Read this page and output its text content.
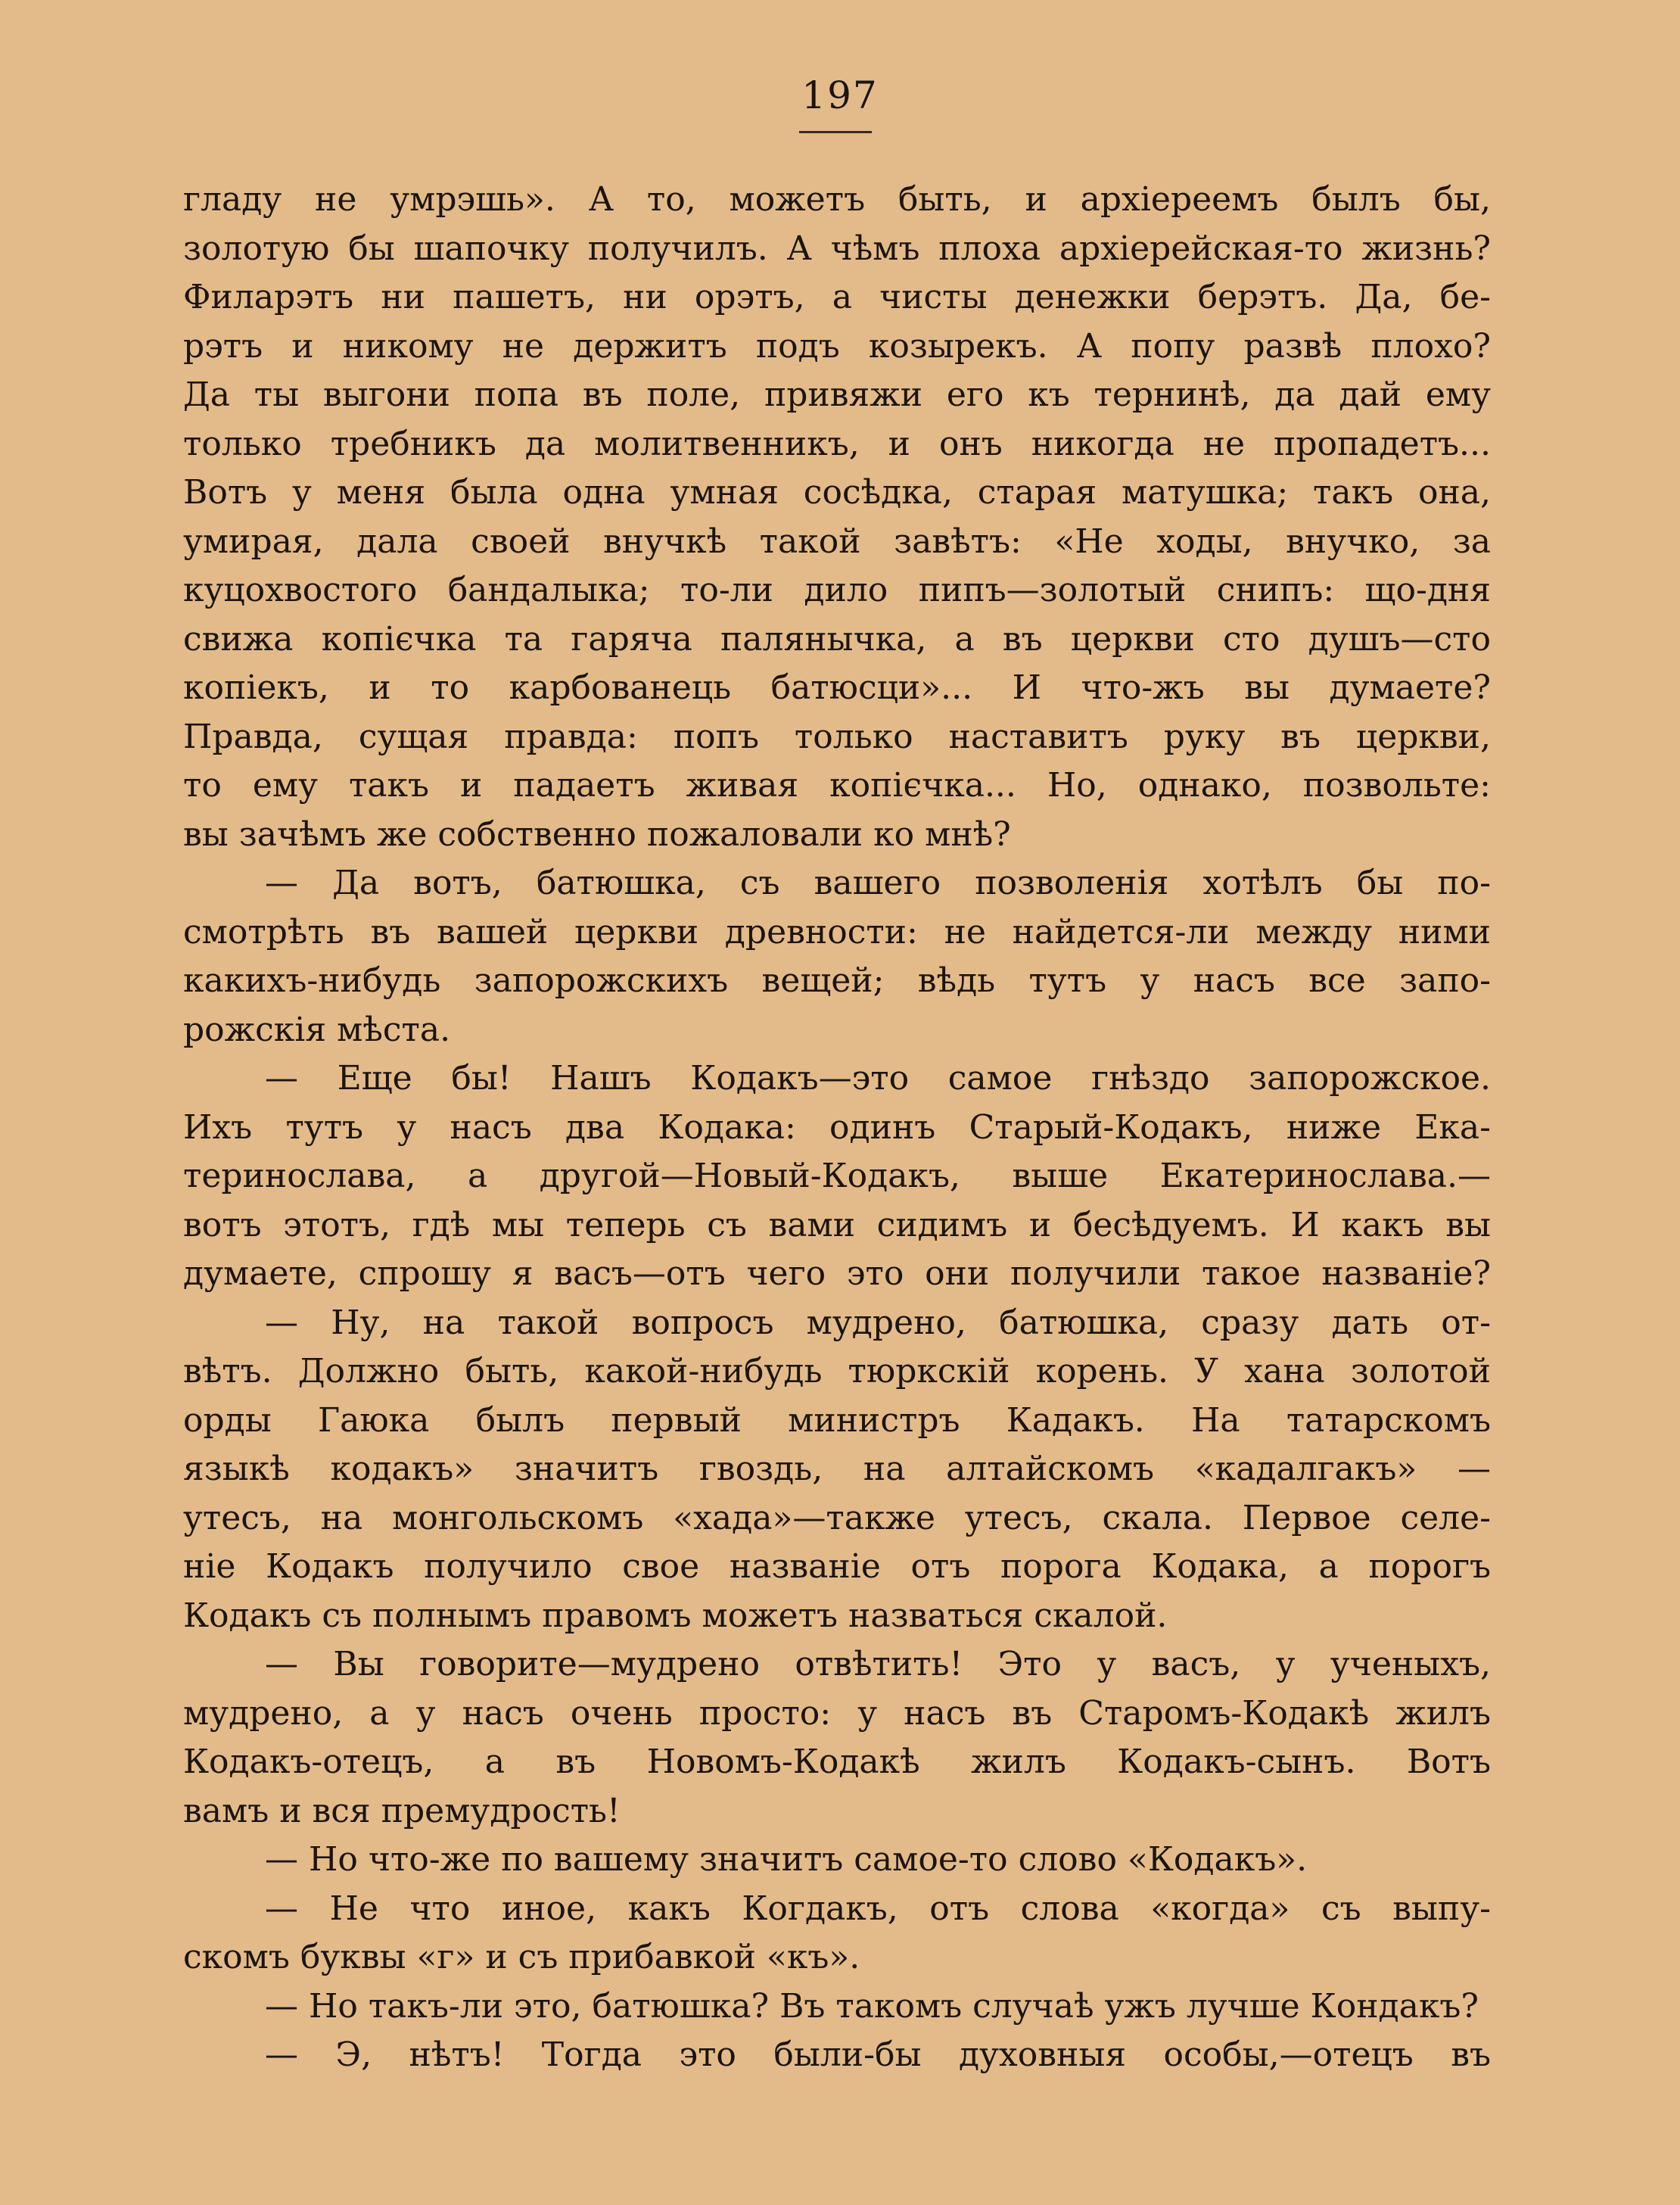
197
гладу не умрэшь». А то, можетъ быть, и архіереемъ былъ бы,
золотую бы шапочку получилъ. А чѣмъ плоха архіерейская-то жизнь?
Филарэтъ ни пашетъ, ни орэтъ, а чисты денежки берэтъ. Да, бе-
рэтъ и никому не держитъ подъ козырекъ. А попу развѣ плохо?
Да ты выгони попа въ поле, привяжи его къ тернинѣ, да дай ему
только требникъ да молитвенникъ, и онъ никогда не пропадетъ...
Вотъ у меня была одна умная сосѣдка, старая матушка; такъ она,
умирая, дала своей внучкѣ такой завѣтъ: «Не ходы, внучко, за
куцохвостого бандалыка; то-ли дило пипъ—золотый снипъ: що-дня
свижа копієчка та гаряча палянычка, а въ церкви сто душъ—сто
копіекъ, и то карбованець батюсци»... И что-жъ вы думаете?
Правда, сущая правда: попъ только наставитъ руку въ церкви,
то ему такъ и падаетъ живая копієчка... Но, однако, позвольте:
вы зачѣмъ же собственно пожаловали ко мнѣ?
— Да вотъ, батюшка, съ вашего позволенія хотѣлъ бы по-
смотрѣть въ вашей церкви древности: не найдется-ли между ними
какихъ-нибудь запорожскихъ вещей; вѣдь тутъ у насъ все запо-
рожскія мѣста.
— Еще бы! Нашъ Кодакъ—это самое гнѣздо запорожское.
Ихъ тутъ у насъ два Кодака: одинъ Старый-Кодакъ, ниже Ека-
теринослава, а другой—Новый-Кодакъ, выше Екатеринослава.—
вотъ этотъ, гдѣ мы теперь съ вами сидимъ и бесѣдуемъ. И какъ вы
думаете, спрошу я васъ—отъ чего это они получили такое названіе?
— Ну, на такой вопросъ мудрено, батюшка, сразу дать от-
вѣтъ. Должно быть, какой-нибудь тюркскій корень. У хана золотой
орды Гаюка былъ первый министръ Кадакъ. На татарскомъ
языкѣ кодакъ» значитъ гвоздь, на алтайскомъ «кадалгакъ» —
утесъ, на монгольскомъ «хада»—также утесъ, скала. Первое селе-
ніе Кодакъ получило свое названіе отъ порога Кодака, а порогъ
Кодакъ съ полнымъ правомъ можетъ назваться скалой.
— Вы говорите—мудрено отвѣтить! Это у васъ, у ученыхъ,
мудрено, а у насъ очень просто: у насъ въ Старомъ-Кодакѣ жилъ
Кодакъ-отецъ, а въ Новомъ-Кодакѣ жилъ Кодакъ-сынъ. Вотъ
вамъ и вся премудрость!
— Но что-же по вашему значитъ самое-то слово «Кодакъ».
— Не что иное, какъ Когдакъ, отъ слова «когда» съ выпу-
скомъ буквы «г» и съ прибавкой «къ».
— Но такъ-ли это, батюшка? Въ такомъ случаѣ ужъ лучше Кондакъ?
— Э, нѣтъ! Тогда это были-бы духовныя особы,—отецъ въ
